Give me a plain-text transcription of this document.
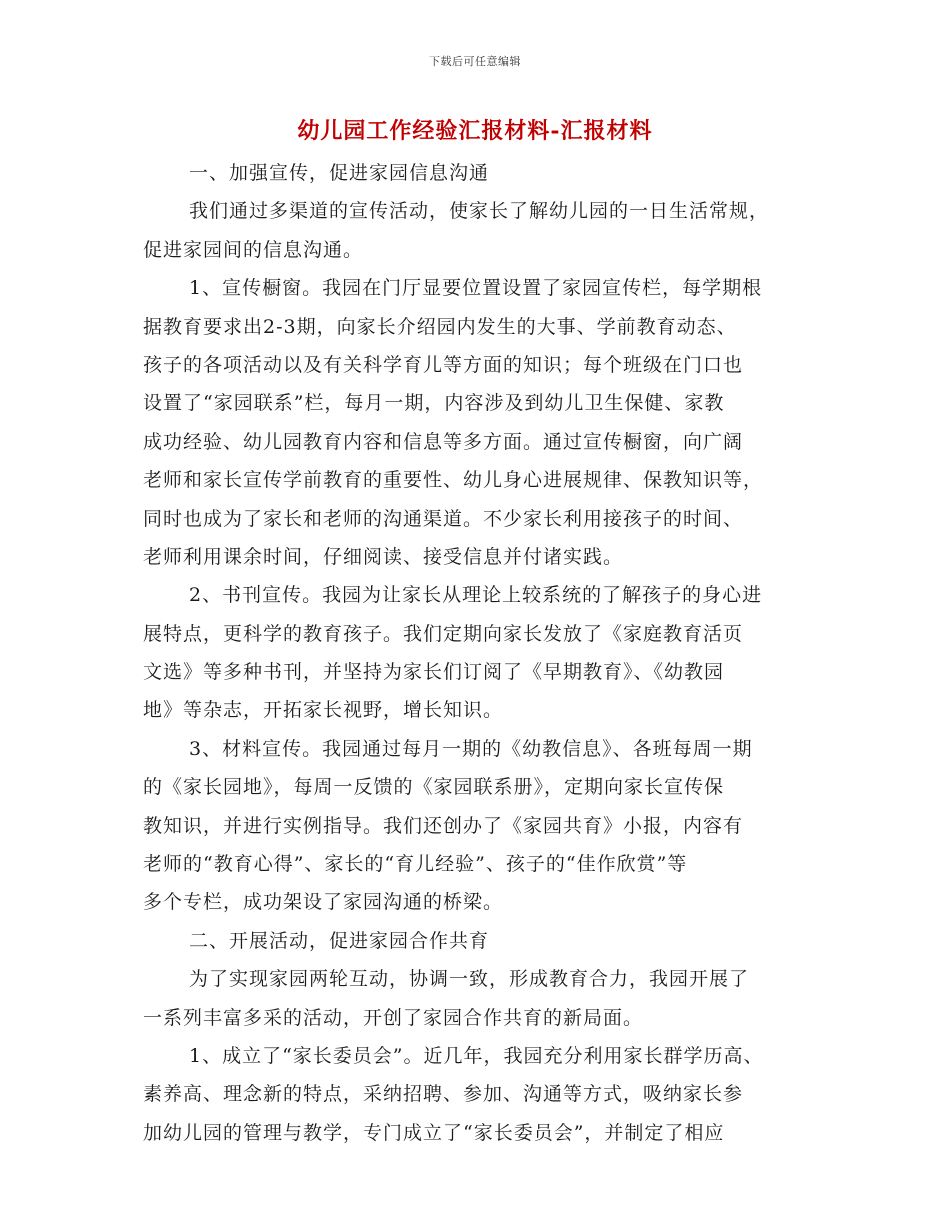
下载后可任意编辑
幼儿园工作经验汇报材料-汇报材料
一、加强宣传，促进家园信息沟通
我们通过多渠道的宣传活动，使家长了解幼儿园的一日生活常规，
促进家园间的信息沟通。
1、宣传橱窗。我园在门厅显要位置设置了家园宣传栏，每学期根
据教育要求出2-3期，向家长介绍园内发生的大事、学前教育动态、
孩子的各项活动以及有关科学育儿等方面的知识；每个班级在门口也
设置了“家园联系”栏，每月一期，内容涉及到幼儿卫生保健、家教
成功经验、幼儿园教育内容和信息等多方面。通过宣传橱窗，向广阔
老师和家长宣传学前教育的重要性、幼儿身心进展规律、保教知识等，
同时也成为了家长和老师的沟通渠道。不少家长利用接孩子的时间、
老师利用课余时间，仔细阅读、接受信息并付诸实践。
2、书刊宣传。我园为让家长从理论上较系统的了解孩子的身心进
展特点，更科学的教育孩子。我们定期向家长发放了《家庭教育活页
文选》等多种书刊，并坚持为家长们订阅了《早期教育》、《幼教园
地》等杂志，开拓家长视野，增长知识。
3、材料宣传。我园通过每月一期的《幼教信息》、各班每周一期
的《家长园地》，每周一反馈的《家园联系册》，定期向家长宣传保
教知识，并进行实例指导。我们还创办了《家园共育》小报，内容有
老师的“教育心得”、家长的“育儿经验”、孩子的“佳作欣赏”等
多个专栏，成功架设了家园沟通的桥梁。
二、开展活动，促进家园合作共育
为了实现家园两轮互动，协调一致，形成教育合力，我园开展了
一系列丰富多采的活动，开创了家园合作共育的新局面。
1、成立了“家长委员会”。近几年，我园充分利用家长群学历高、
素养高、理念新的特点，采纳招聘、参加、沟通等方式，吸纳家长参
加幼儿园的管理与教学，专门成立了“家长委员会”，并制定了相应
